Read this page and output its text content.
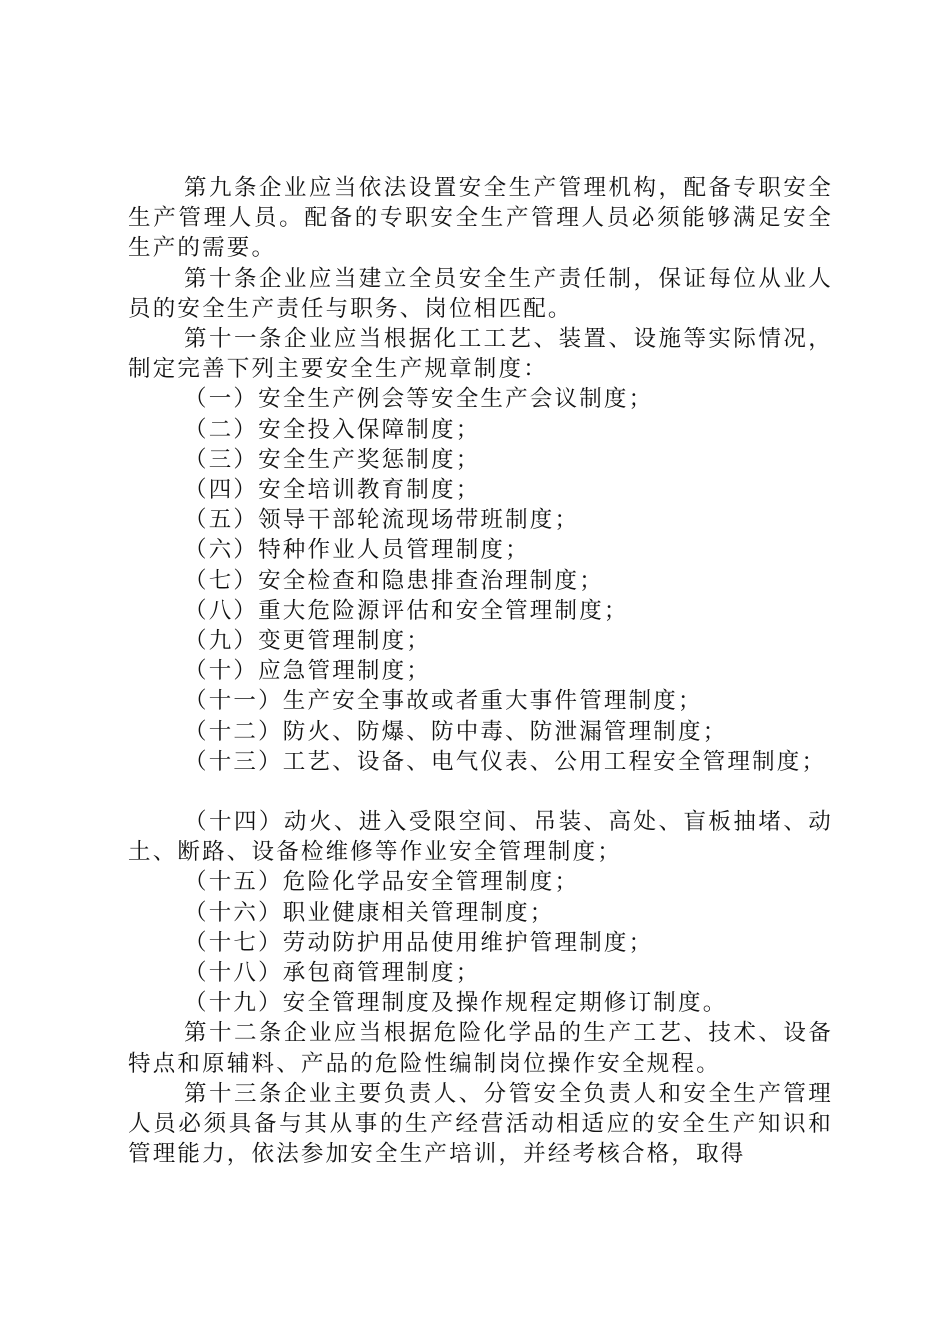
第九条企业应当依法设置安全生产管理机构，配备专职安全生产管理人员。配备的专职安全生产管理人员必须能够满足安全生产的需要。

第十条企业应当建立全员安全生产责任制，保证每位从业人员的安全生产责任与职务、岗位相匹配。

第十一条企业应当根据化工工艺、装置、设施等实际情况，制定完善下列主要安全生产规章制度：

（一）安全生产例会等安全生产会议制度；

（二）安全投入保障制度；

（三）安全生产奖惩制度；

（四）安全培训教育制度；

（五）领导干部轮流现场带班制度；

（六）特种作业人员管理制度；

（七）安全检查和隐患排查治理制度；

（八）重大危险源评估和安全管理制度；

（九）变更管理制度；

（十）应急管理制度；

（十一）生产安全事故或者重大事件管理制度；

（十二）防火、防爆、防中毒、防泄漏管理制度；

（十三）工艺、设备、电气仪表、公用工程安全管理制度；

（十四）动火、进入受限空间、吊装、高处、盲板抽堵、动土、断路、设备检维修等作业安全管理制度；

（十五）危险化学品安全管理制度；

（十六）职业健康相关管理制度；

（十七）劳动防护用品使用维护管理制度；

（十八）承包商管理制度；

（十九）安全管理制度及操作规程定期修订制度。

第十二条企业应当根据危险化学品的生产工艺、技术、设备特点和原辅料、产品的危险性编制岗位操作安全规程。

第十三条企业主要负责人、分管安全负责人和安全生产管理人员必须具备与其从事的生产经营活动相适应的安全生产知识和管理能力，依法参加安全生产培训，并经考核合格，取得
